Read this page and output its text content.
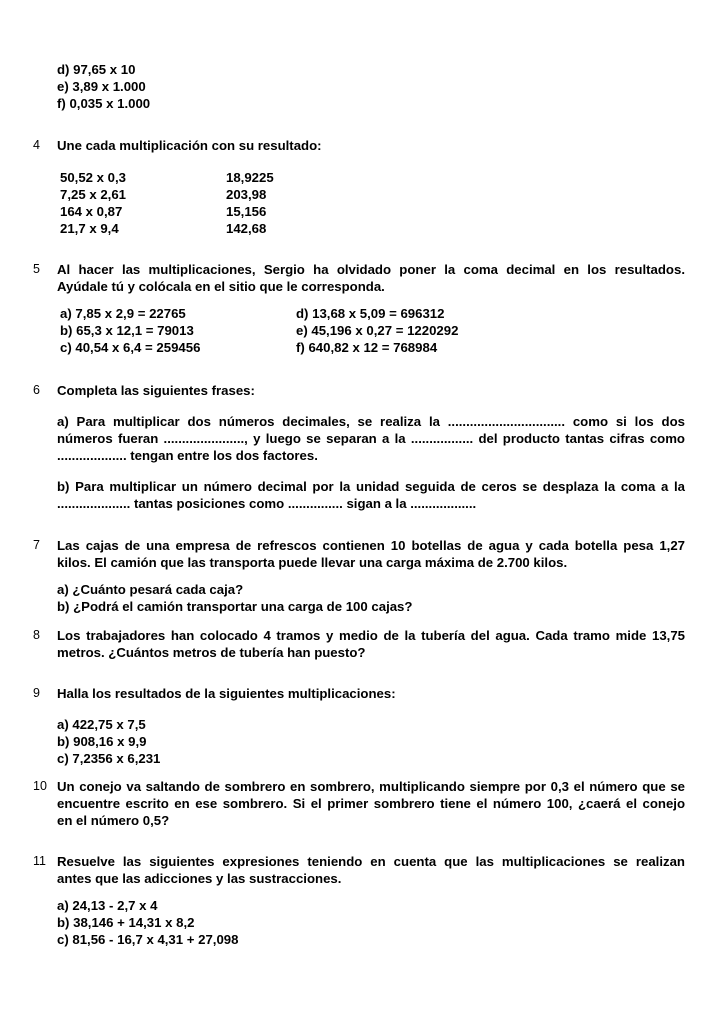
d) 97,65 x 10
e) 3,89 x 1.000
f) 0,035 x 1.000
4 Une cada multiplicación con su resultado:
50,52 x 0,3
7,25 x 2,61
164 x 0,87
21,7 x 9,4
18,9225
203,98
15,156
142,68
5 Al hacer las multiplicaciones, Sergio ha olvidado poner la coma decimal en los resultados.
Ayúdale tú y colócala en el sitio que le corresponda.
a) 7,85 x 2,9 = 22765
b) 65,3 x 12,1 = 79013
c) 40,54 x 6,4 = 259456
d) 13,68 x 5,09 = 696312
e) 45,196 x 0,27 = 1220292
f) 640,82 x 12 = 768984
6 Completa las siguientes frases:
a) Para multiplicar dos números decimales, se realiza la ................................ como si los dos
números fueran ......................, y luego se separan a la ................. del producto tantas cifras como
................... tengan entre los dos factores.
b) Para multiplicar un número decimal por la unidad seguida de ceros se desplaza la coma a la
.................... tantas posiciones como ............... sigan a la ..................
7 Las cajas de una empresa de refrescos contienen 10 botellas de agua y cada botella pesa 1,27
kilos. El camión que las transporta puede llevar una carga máxima de 2.700 kilos.
a) ¿Cuánto pesará cada caja?
b) ¿Podrá el camión transportar una carga de 100 cajas?
8 Los trabajadores han colocado 4 tramos y medio de la tubería del agua. Cada tramo mide 13,75
metros. ¿Cuántos metros de tubería han puesto?
9 Halla los resultados de la siguientes multiplicaciones:
a) 422,75 x 7,5
b) 908,16 x 9,9
c) 7,2356 x 6,231
10 Un conejo va saltando de sombrero en sombrero, multiplicando siempre por 0,3 el número que se
encuentre escrito en ese sombrero. Si el primer sombrero tiene el número 100, ¿caerá el conejo
en el número 0,5?
11 Resuelve las siguientes expresiones teniendo en cuenta que las multiplicaciones se realizan
antes que las adicciones y las sustracciones.
a) 24,13 - 2,7 x 4
b) 38,146 + 14,31 x 8,2
c) 81,56 - 16,7 x 4,31 + 27,098
